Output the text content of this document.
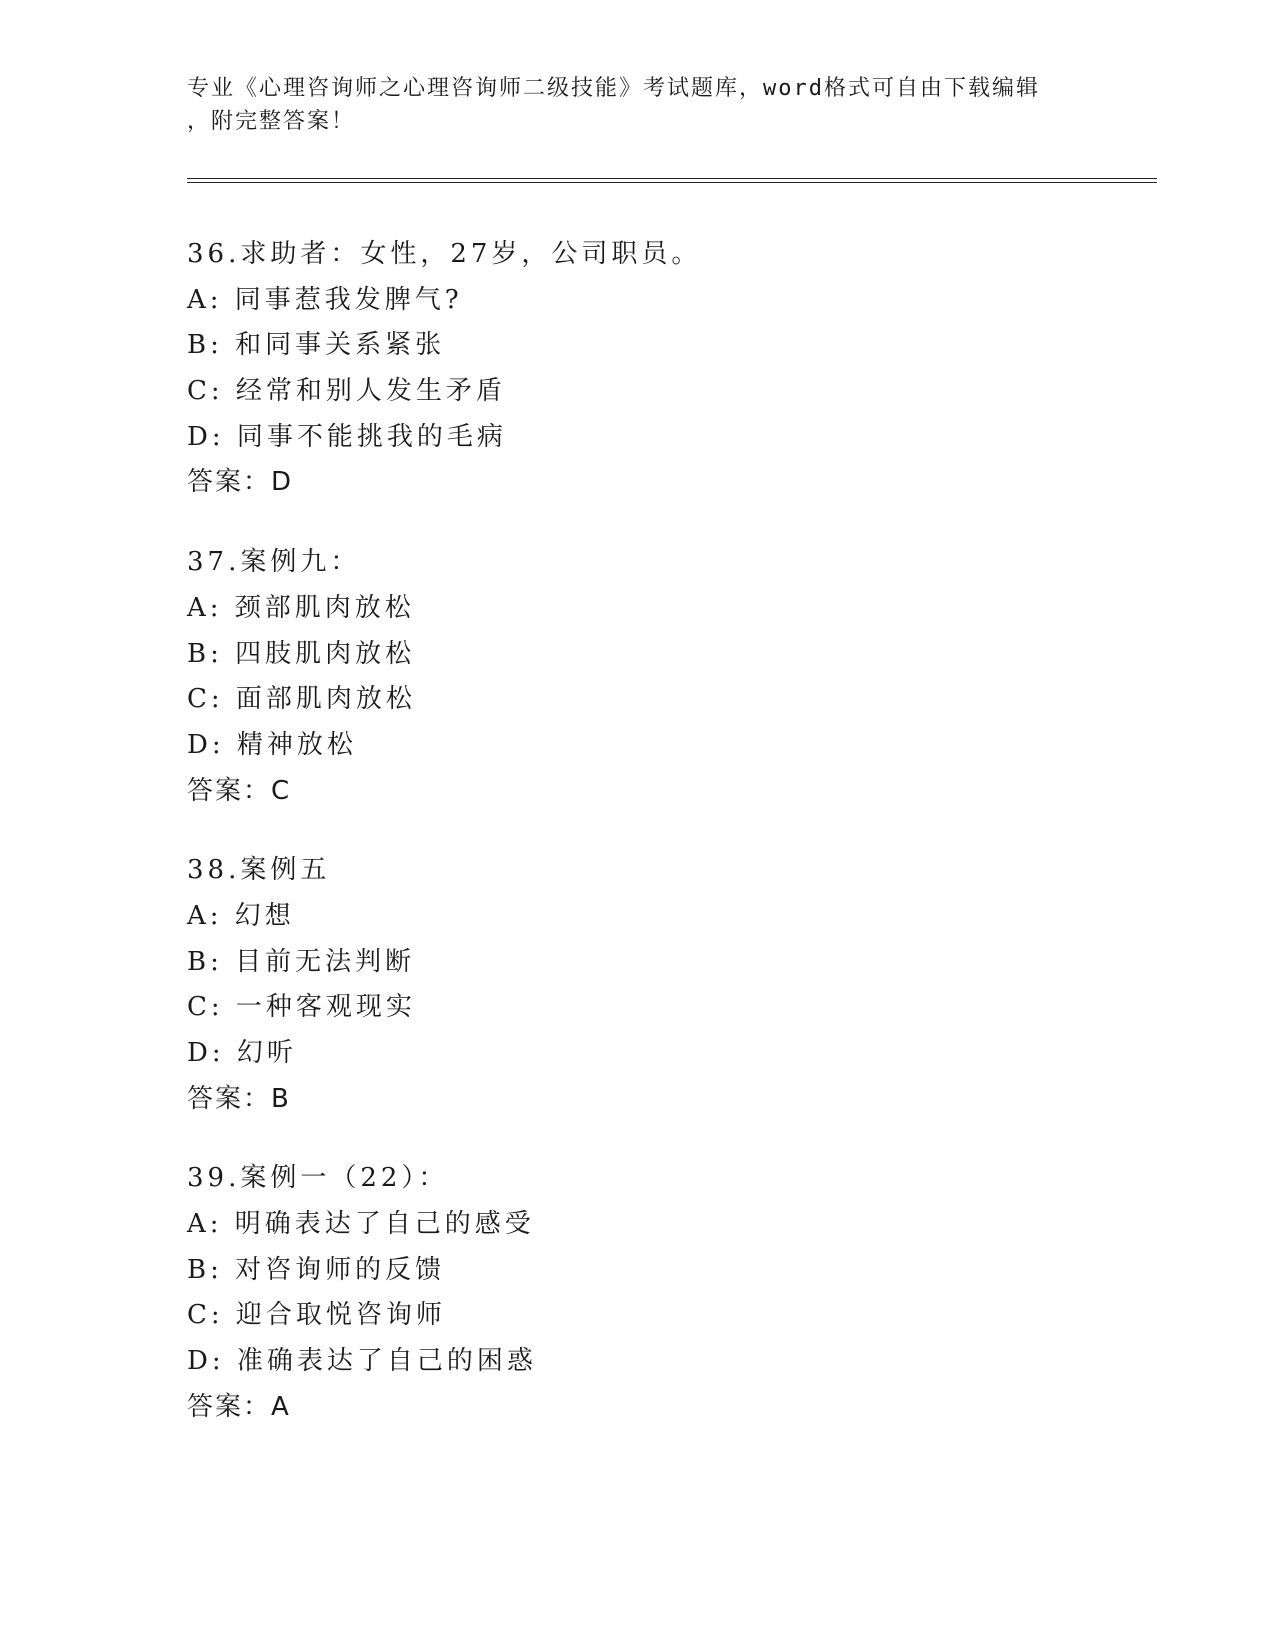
专业《心理咨询师之心理咨询师二级技能》考试题库，word格式可自由下载编辑
，附完整答案！
36.求助者：女性，27岁，公司职员。
A: 同事惹我发脾气?
B: 和同事关系紧张
C: 经常和别人发生矛盾
D: 同事不能挑我的毛病
答案：D
37.案例九：
A: 颈部肌肉放松
B: 四肢肌肉放松
C: 面部肌肉放松
D: 精神放松
答案：C
38.案例五
A: 幻想
B: 目前无法判断
C: 一种客观现实
D: 幻听
答案：B
39.案例一（22）：
A: 明确表达了自己的感受
B: 对咨询师的反馈
C: 迎合取悦咨询师
D: 准确表达了自己的困惑
答案：A
